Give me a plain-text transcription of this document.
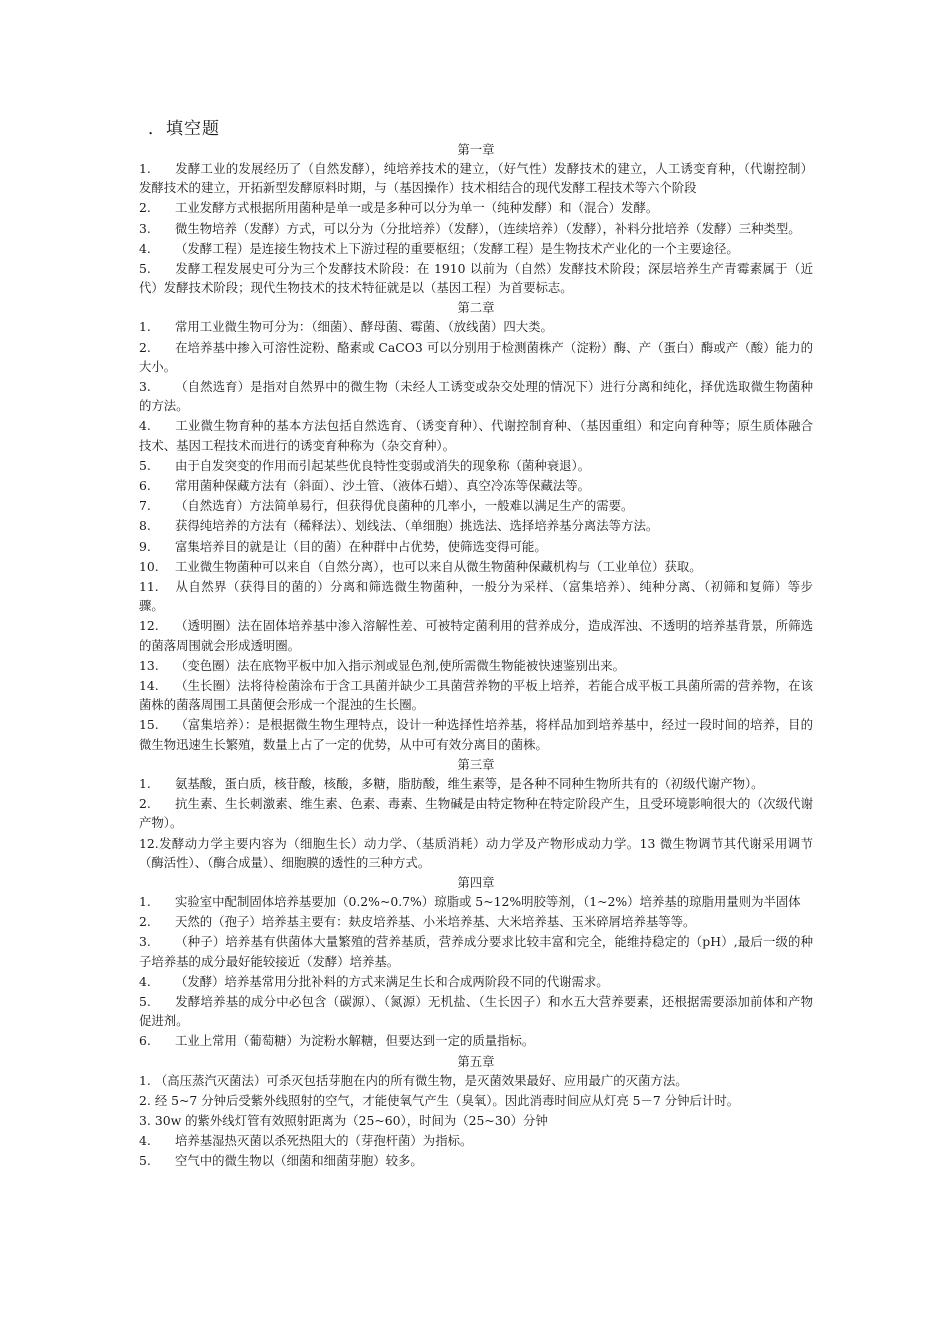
．填空题
第一章
1. 发酵工业的发展经历了（自然发酵），纯培养技术的建立，（好气性）发酵技术的建立，人工诱变育种，（代谢控制）发酵技术的建立，开拓新型发酵原料时期，与（基因操作）技术相结合的现代发酵工程技术等六个阶段
2. 工业发酵方式根据所用菌种是单一或是多种可以分为单一（纯种发酵）和（混合）发酵。
3. 微生物培养（发酵）方式，可以分为（分批培养）（发酵），（连续培养）（发酵），补料分批培养（发酵）三种类型。
4. （发酵工程）是连接生物技术上下游过程的重要枢纽；（发酵工程）是生物技术产业化的一个主要途径。
5. 发酵工程发展史可分为三个发酵技术阶段：在 1910 以前为（自然）发酵技术阶段；深层培养生产青霉素属于（近代）发酵技术阶段；现代生物技术的技术特征就是以（基因工程）为首要标志。
第二章
1. 常用工业微生物可分为：（细菌）、酵母菌、霉菌、（放线菌）四大类。
2. 在培养基中掺入可溶性淀粉、酪素或 CaCO3 可以分别用于检测菌株产（淀粉）酶、产（蛋白）酶或产（酸）能力的大小。
3. （自然选育）是指对自然界中的微生物（未经人工诱变或杂交处理的情况下）进行分离和纯化，择优选取微生物菌种的方法。
4. 工业微生物育种的基本方法包括自然选育、（诱变育种）、代谢控制育种、（基因重组）和定向育种等；原生质体融合技术、基因工程技术而进行的诱变育种称为（杂交育种）。
5. 由于自发突变的作用而引起某些优良特性变弱或消失的现象称（菌种衰退）。
6. 常用菌种保藏方法有（斜面）、沙土管、（液体石蜡）、真空冷冻等保藏法等。
7. （自然选育）方法简单易行，但获得优良菌种的几率小，一般难以满足生产的需要。
8. 获得纯培养的方法有（稀释法）、划线法、（单细胞）挑选法、选择培养基分离法等方法。
9. 富集培养目的就是让（目的菌）在种群中占优势，使筛选变得可能。
10. 工业微生物菌种可以来自（自然分离），也可以来自从微生物菌种保藏机构与（工业单位）获取。
11. 从自然界（获得目的菌的）分离和筛选微生物菌种，一般分为采样、（富集培养）、纯种分离、（初筛和复筛）等步骤。
12. （透明圈）法在固体培养基中渗入溶解性差、可被特定菌利用的营养成分，造成浑浊、不透明的培养基背景，所筛选的菌落周围就会形成透明圈。
13. （变色圈）法在底物平板中加入指示剂或显色剂,使所需微生物能被快速鉴别出来。
14. （生长圈）法将待检菌涂布于含工具菌并缺少工具菌营养物的平板上培养，若能合成平板工具菌所需的营养物，在该菌株的菌落周围工具菌便会形成一个混浊的生长圈。
15. （富集培养）：是根据微生物生理特点，设计一种选择性培养基，将样品加到培养基中，经过一段时间的培养，目的微生物迅速生长繁殖，数量上占了一定的优势，从中可有效分离目的菌株。
第三章
1. 氨基酸，蛋白质，核苷酸，核酸，多糖，脂肪酸，维生素等，是各种不同种生物所共有的（初级代谢产物）。
2. 抗生素、生长刺激素、维生素、色素、毒素、生物碱是由特定物种在特定阶段产生，且受环境影响很大的（次级代谢产物）。
12.发酵动力学主要内容为（细胞生长）动力学、（基质消耗）动力学及产物形成动力学。13 微生物调节其代谢采用调节（酶活性）、（酶合成量）、细胞膜的透性的三种方式。
第四章
1. 实验室中配制固体培养基要加（0.2%~0.7%）琼脂或 5~12%明胶等剂，（1~2%）培养基的琼脂用量则为半固体
2. 天然的（孢子）培养基主要有：麸皮培养基、小米培养基、大米培养基、玉米碎屑培养基等等。
3. （种子）培养基有供菌体大量繁殖的营养基质，营养成分要求比较丰富和完全，能维持稳定的（pH）,最后一级的种子培养基的成分最好能较接近（发酵）培养基。
4. （发酵）培养基常用分批补料的方式来满足生长和合成两阶段不同的代谢需求。
5. 发酵培养基的成分中必包含（碳源）、（氮源）无机盐、（生长因子）和水五大营养要素，还根据需要添加前体和产物促进剂。
6. 工业上常用（葡萄糖）为淀粉水解糖，但要达到一定的质量指标。
第五章
1. （高压蒸汽灭菌法）可杀灭包括芽胞在内的所有微生物，是灭菌效果最好、应用最广的灭菌方法。
2. 经 5~7 分钟后受紫外线照射的空气，才能使氧气产生（臭氧）。因此消毒时间应从灯亮 5－7 分钟后计时。
3. 30w 的紫外线灯管有效照射距离为（25~60），时间为（25~30）分钟
4. 培养基湿热灭菌以杀死热阻大的（芽孢杆菌）为指标。
5. 空气中的微生物以（细菌和细菌芽胞）较多。
